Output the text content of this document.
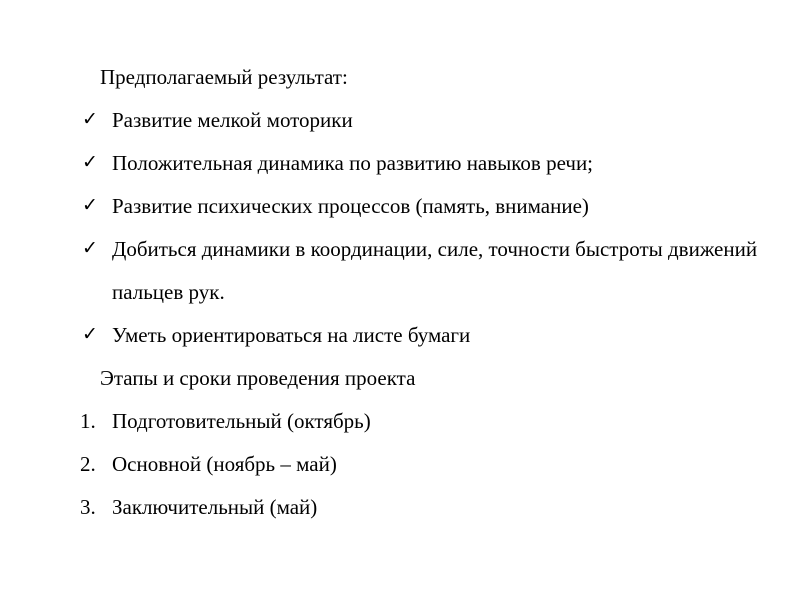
Предполагаемый результат:
✓ Развитие мелкой моторики
✓ Положительная динамика по развитию навыков речи;
✓ Развитие психических процессов (память, внимание)
✓ Добиться динамики в координации, силе, точности быстроты движений
пальцев рук.
✓ Уметь ориентироваться на листе бумаги
Этапы и сроки проведения проекта
1. Подготовительный (октябрь)
2. Основной (ноябрь – май)
3. Заключительный (май)
